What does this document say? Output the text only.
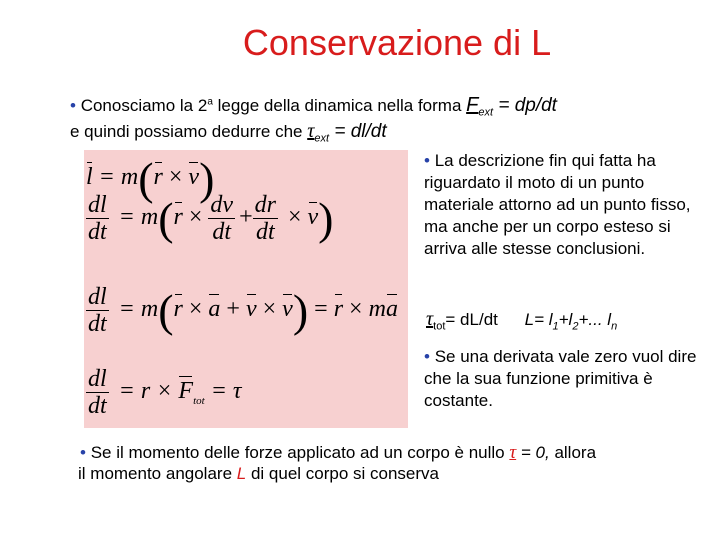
Conservazione di L
• Conosciamo la 2$^a$ legge della dinamica nella forma $F_{ext} = dp/dt$
e quindi possiamo dedurre che $\tau_{ext} = dl/dt$
l = m(r × v)
$\frac{dl}{dt} = m(r \times \frac{dv}{dt} + \frac{dr}{dt} \times v)$
$\frac{dl}{dt} = m(r \times a + v \times v) = r$ × ma
$\frac{dl}{dt} = r \times F_{tot} = \tau$
• La descrizione fin qui fatta ha riguardato il moto di un punto materiale attorno ad un punto fisso, ma anche per un corpo esteso si arriva alle stesse conclusioni.
$\tau_{tot}= dL/dt$ $L= l_1+l_2+$... $l_n$
• Se una derivata vale zero vuol dire che la sua funzione primitiva è costante.
• Se il momento delle forze applicato ad un corpo è nullo τ = 0, allora
il momento angolare L di quel corpo si conserva
